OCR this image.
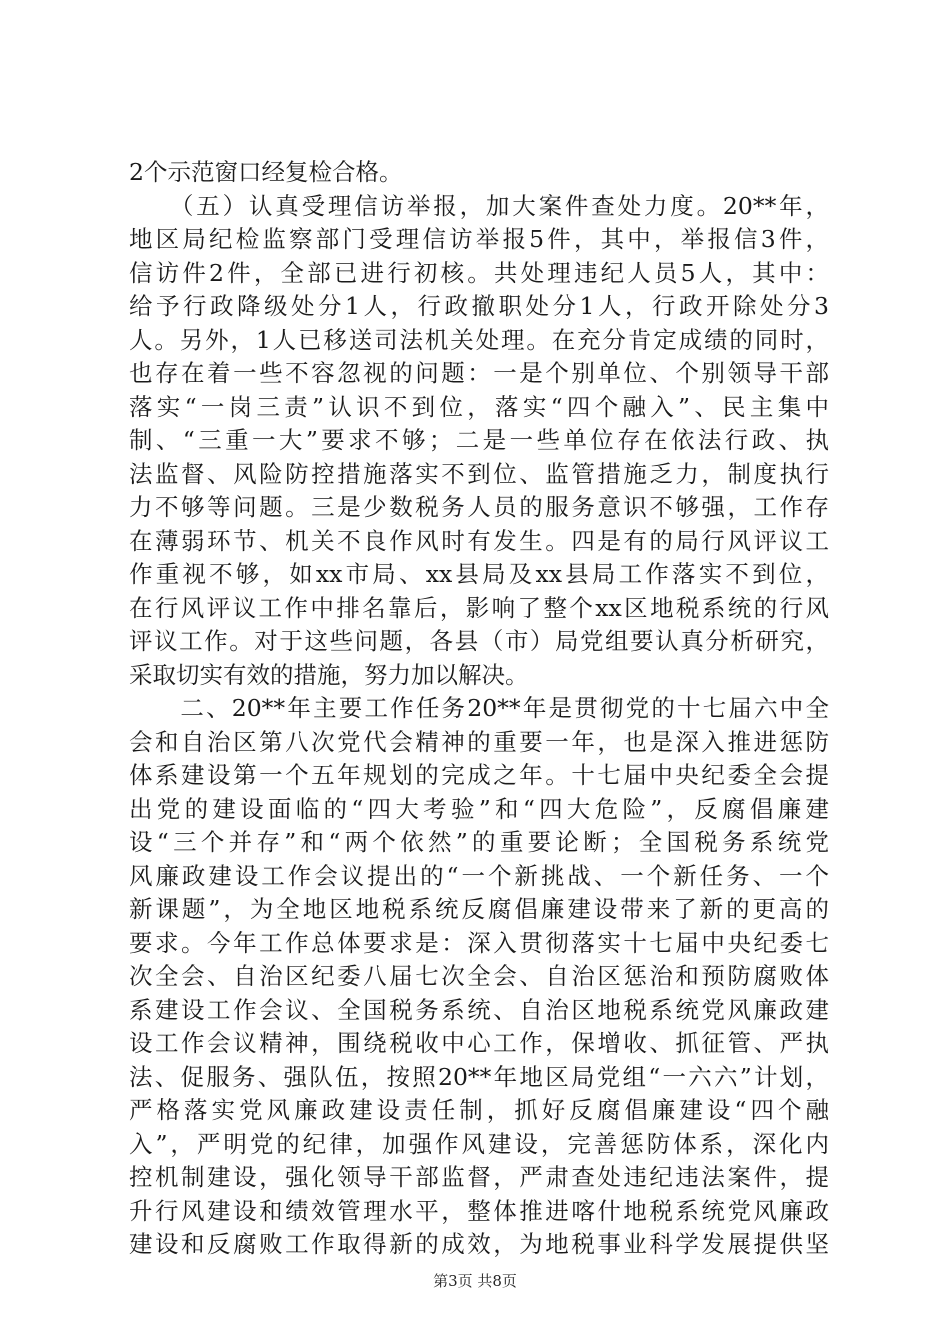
2个示范窗口经复检合格。
　　（五）认真受理信访举报，加大案件查处力度。20**年，
地区局纪检监察部门受理信访举报5件，其中，举报信3件，
信访件2件，全部已进行初核。共处理违纪人员5人，其中：
给予行政降级处分1人，行政撤职处分1人，行政开除处分3
人。另外，1人已移送司法机关处理。在充分肯定成绩的同时，
也存在着一些不容忽视的问题：一是个别单位、个别领导干部
落实“一岗三责”认识不到位，落实“四个融入”、民主集中
制、“三重一大”要求不够；二是一些单位存在依法行政、执
法监督、风险防控措施落实不到位、监管措施乏力，制度执行
力不够等问题。三是少数税务人员的服务意识不够强，工作存
在薄弱环节、机关不良作风时有发生。四是有的局行风评议工
作重视不够，如xx市局、xx县局及xx县局工作落实不到位，
在行风评议工作中排名靠后，影响了整个xx区地税系统的行风
评议工作。对于这些问题，各县（市）局党组要认真分析研究，
采取切实有效的措施，努力加以解决。
　　二、20**年主要工作任务20**年是贯彻党的十七届六中全
会和自治区第八次党代会精神的重要一年，也是深入推进惩防
体系建设第一个五年规划的完成之年。十七届中央纪委全会提
出党的建设面临的“四大考验”和“四大危险”，反腐倡廉建
设“三个并存”和“两个依然”的重要论断；全国税务系统党
风廉政建设工作会议提出的“一个新挑战、一个新任务、一个
新课题”，为全地区地税系统反腐倡廉建设带来了新的更高的
要求。今年工作总体要求是：深入贯彻落实十七届中央纪委七
次全会、自治区纪委八届七次全会、自治区惩治和预防腐败体
系建设工作会议、全国税务系统、自治区地税系统党风廉政建
设工作会议精神，围绕税收中心工作，保增收、抓征管、严执
法、促服务、强队伍，按照20**年地区局党组“一六六”计划，
严格落实党风廉政建设责任制，抓好反腐倡廉建设“四个融
入”，严明党的纪律，加强作风建设，完善惩防体系，深化内
控机制建设，强化领导干部监督，严肃查处违纪违法案件，提
升行风建设和绩效管理水平，整体推进喀什地税系统党风廉政
建设和反腐败工作取得新的成效，为地税事业科学发展提供坚
第3页 共8页
